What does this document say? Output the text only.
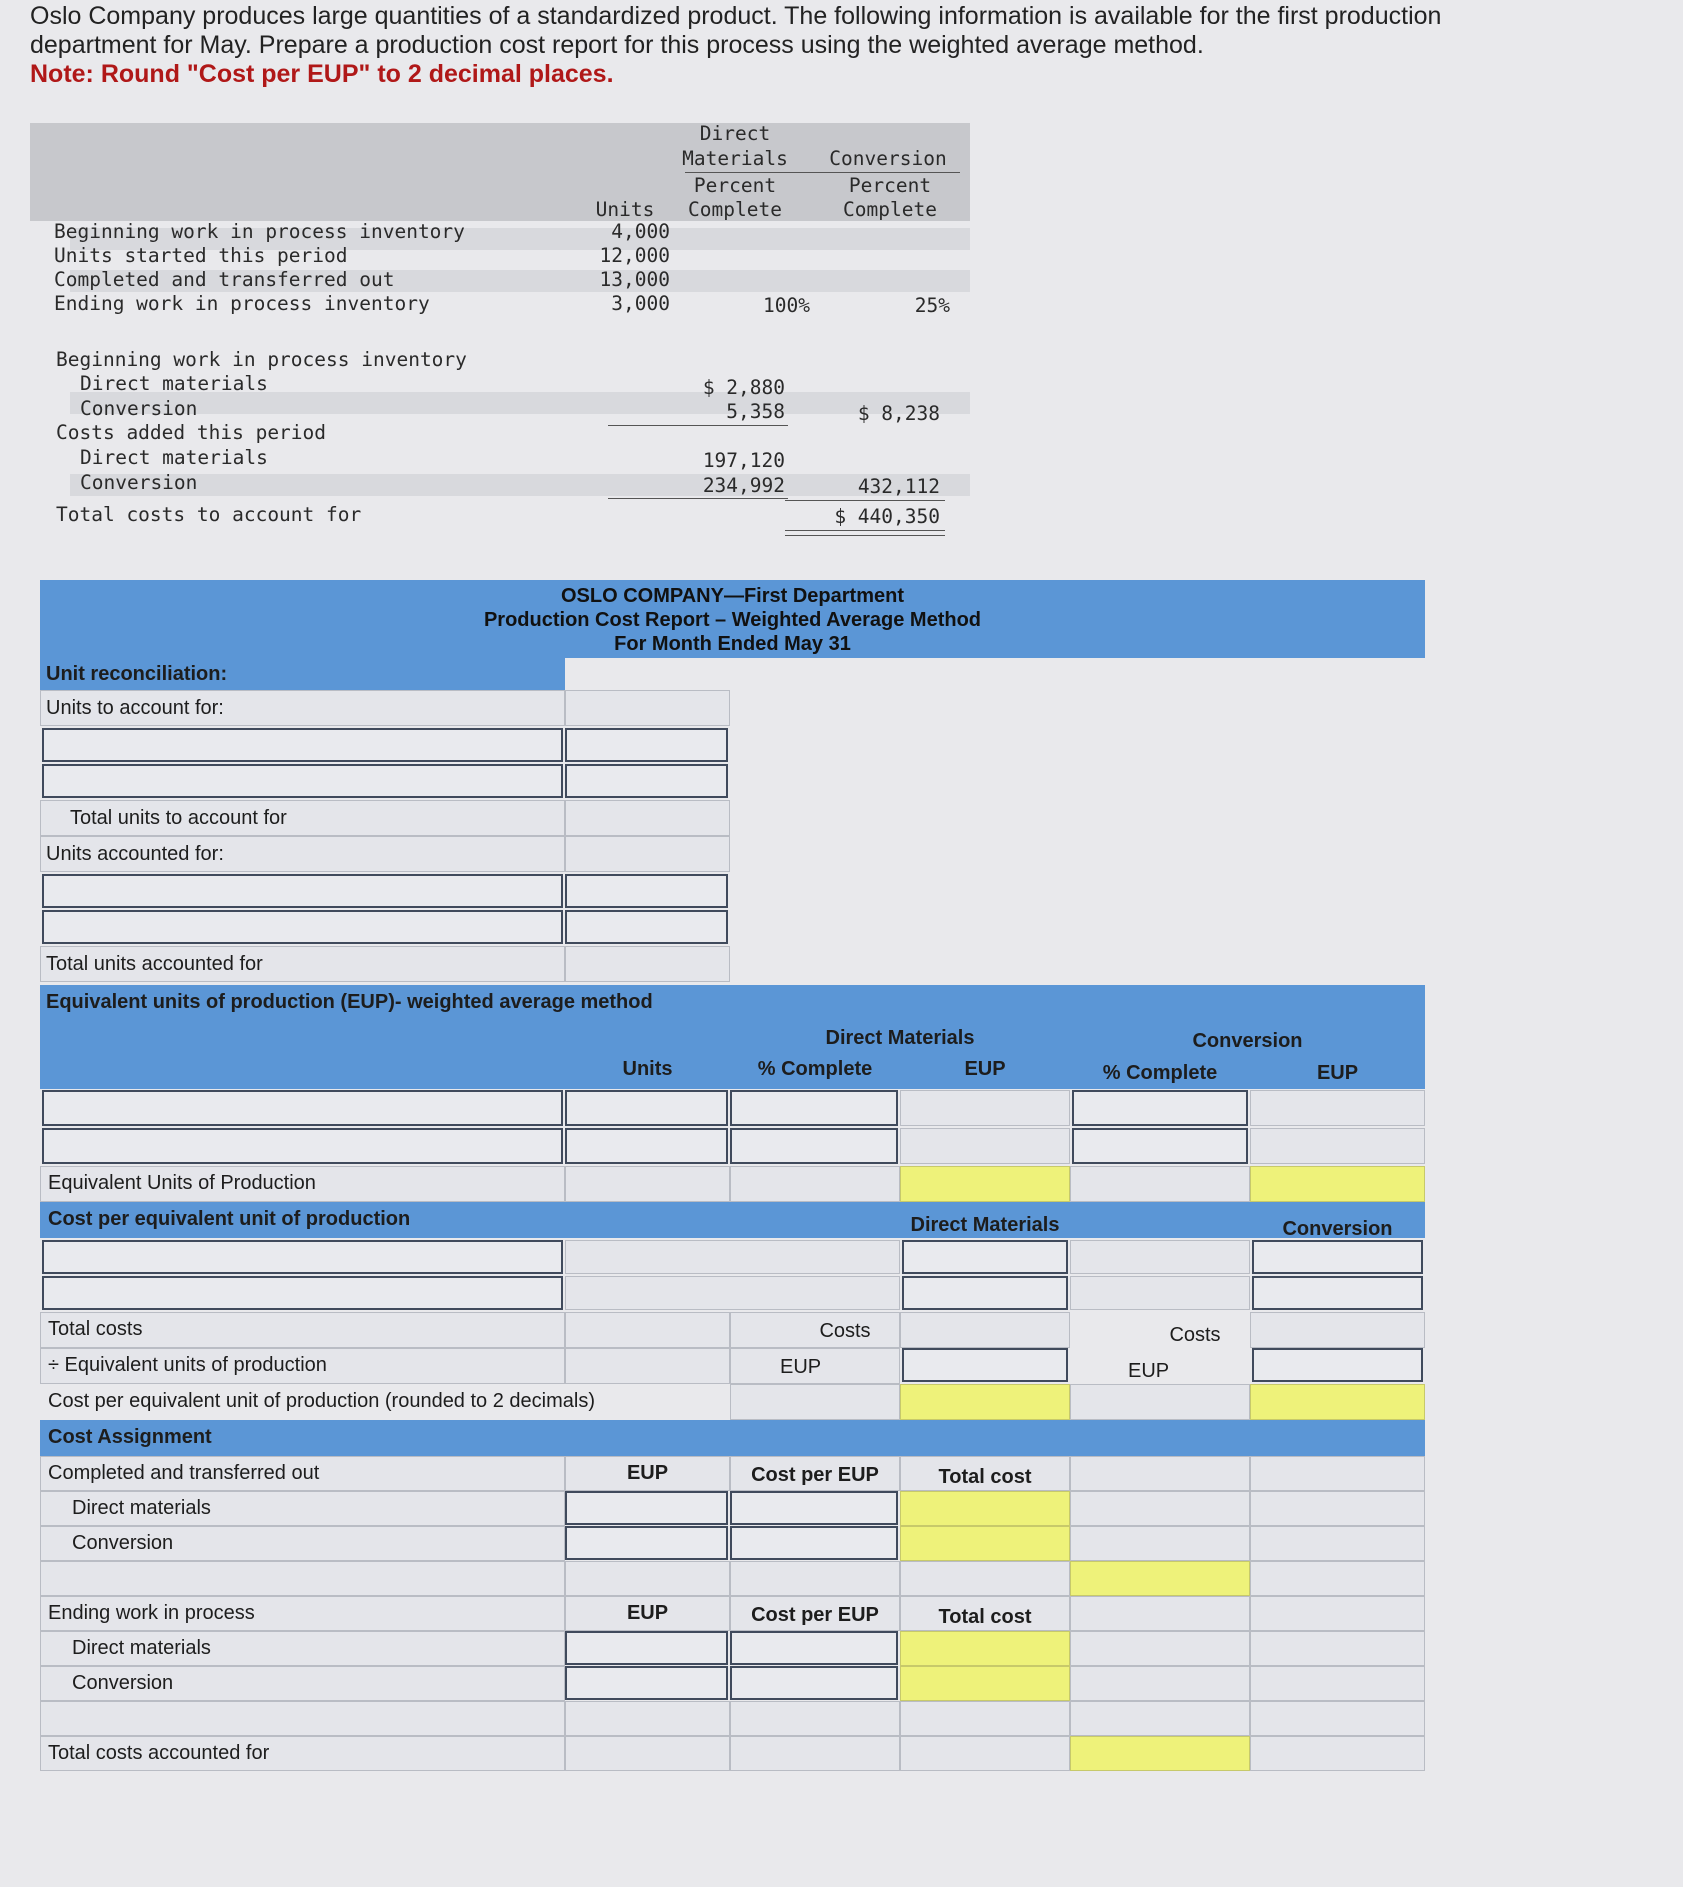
Oslo Company produces large quantities of a standardized product. The following information is available for the first production
department for May. Prepare a production cost report for this process using the weighted average method.
Note: Round "Cost per EUP" to 2 decimal places.
Direct
Materials	Conversion
Percent	Percent
Units	Complete	Complete
Beginning work in process inventory	4,000
Units started this period	12,000
Completed and transferred out	13,000
Ending work in process inventory	3,000	100%	25%
Beginning work in process inventory
Direct materials	$ 2,880
Conversion	5,358	$ 8,238
Costs added this period
Direct materials	197,120
Conversion	234,992	432,112
Total costs to account for	$ 440,350
OSLO COMPANY—First Department
Production Cost Report – Weighted Average Method
For Month Ended May 31
Unit reconciliation:
Units to account for:
Total units to account for
Units accounted for:
Total units accounted for
Equivalent units of production (EUP)- weighted average method
Direct Materials	Conversion
Units	% Complete	EUP	% Complete	EUP
Equivalent Units of Production
Cost per equivalent unit of production	Direct Materials	Conversion
Total costs	Costs	Costs
÷ Equivalent units of production	EUP	EUP
Cost per equivalent unit of production (rounded to 2 decimals)
Cost Assignment
Completed and transferred out	EUP	Cost per EUP	Total cost
Direct materials
Conversion
Ending work in process	EUP	Cost per EUP	Total cost
Direct materials
Conversion
Total costs accounted for
